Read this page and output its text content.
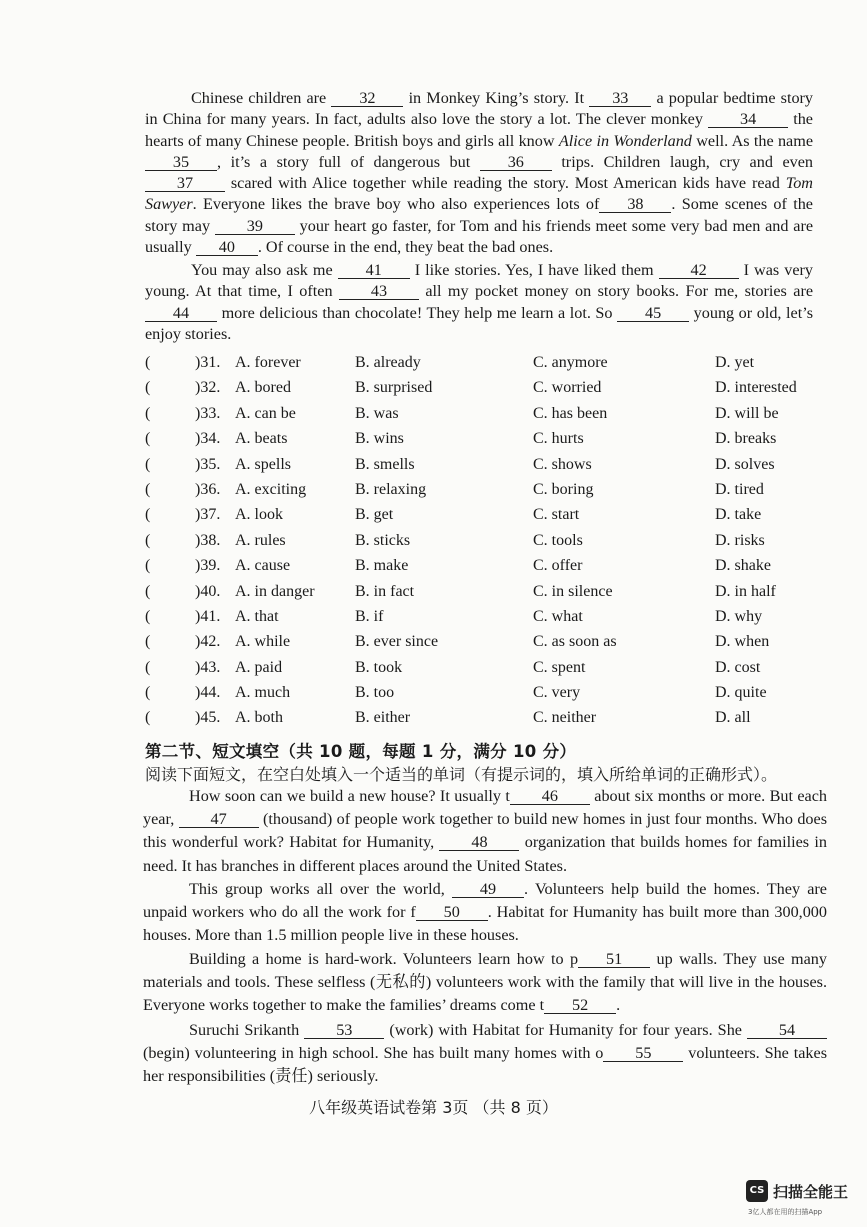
Chinese children are 32 in Monkey King’s story. It 33 a popular bedtime story in China for many years. In fact, adults also love the story a lot. The clever monkey 34 the hearts of many Chinese people. British boys and girls all know Alice in Wonderland well. As the name 35 , it’s a story full of dangerous but 36 trips. Children laugh, cry and even 37 scared with Alice together while reading the story. Most American kids have read Tom Sawyer. Everyone likes the brave boy who also experiences lots of 38 . Some scenes of the story may 39 your heart go faster, for Tom and his friends meet some very bad men and are usually 40 . Of course in the end, they beat the bad ones.
You may also ask me 41 I like stories. Yes, I have liked them 42 I was very young. At that time, I often 43 all my pocket money on story books. For me, stories are 44 more delicious than chocolate! They help me learn a lot. So 45 young or old, let’s enjoy stories.
(	)31. A. forever	B. already	C. anymore	D. yet
(	)32. A. bored	B. surprised	C. worried	D. interested
(	)33. A. can be	B. was	C. has been	D. will be
(	)34. A. beats	B. wins	C. hurts	D. breaks
(	)35. A. spells	B. smells	C. shows	D. solves
(	)36. A. exciting	B. relaxing	C. boring	D. tired
(	)37. A. look	B. get	C. start	D. take
(	)38. A. rules	B. sticks	C. tools	D. risks
(	)39. A. cause	B. make	C. offer	D. shake
(	)40. A. in danger	B. in fact	C. in silence	D. in half
(	)41. A. that	B. if	C. what	D. why
(	)42. A. while	B. ever since	C. as soon as	D. when
(	)43. A. paid	B. took	C. spent	D. cost
(	)44. A. much	B. too	C. very	D. quite
(	)45. A. both	B. either	C. neither	D. all
第二节、短文填空（共 10 题，每题 1 分，满分 10 分）
阅读下面短文，在空白处填入一个适当的单词（有提示词的，填入所给单词的正确形式）。
How soon can we build a new house? It usually t 46 about six months or more. But each year, 47 (thousand) of people work together to build new homes in just four months. Who does this wonderful work? Habitat for Humanity, 48 organization that builds homes for families in need. It has branches in different places around the United States.
This group works all over the world, 49 . Volunteers help build the homes. They are unpaid workers who do all the work for f 50 . Habitat for Humanity has built more than 300,000 houses. More than 1.5 million people live in these houses.
Building a home is hard-work. Volunteers learn how to p 51 up walls. They use many materials and tools. These selfless (无私的) volunteers work with the family that will live in the houses. Everyone works together to make the families’ dreams come t 52 .
Suruchi Srikanth 53 (work) with Habitat for Humanity for four years. She 54(begin) volunteering in high school. She has built many homes with o 55 volunteers. She takes her responsibilities (责任) seriously.
八年级英语试卷第 3页 （共 8 页）
CS 扫描全能王
3亿人都在用的扫描App
